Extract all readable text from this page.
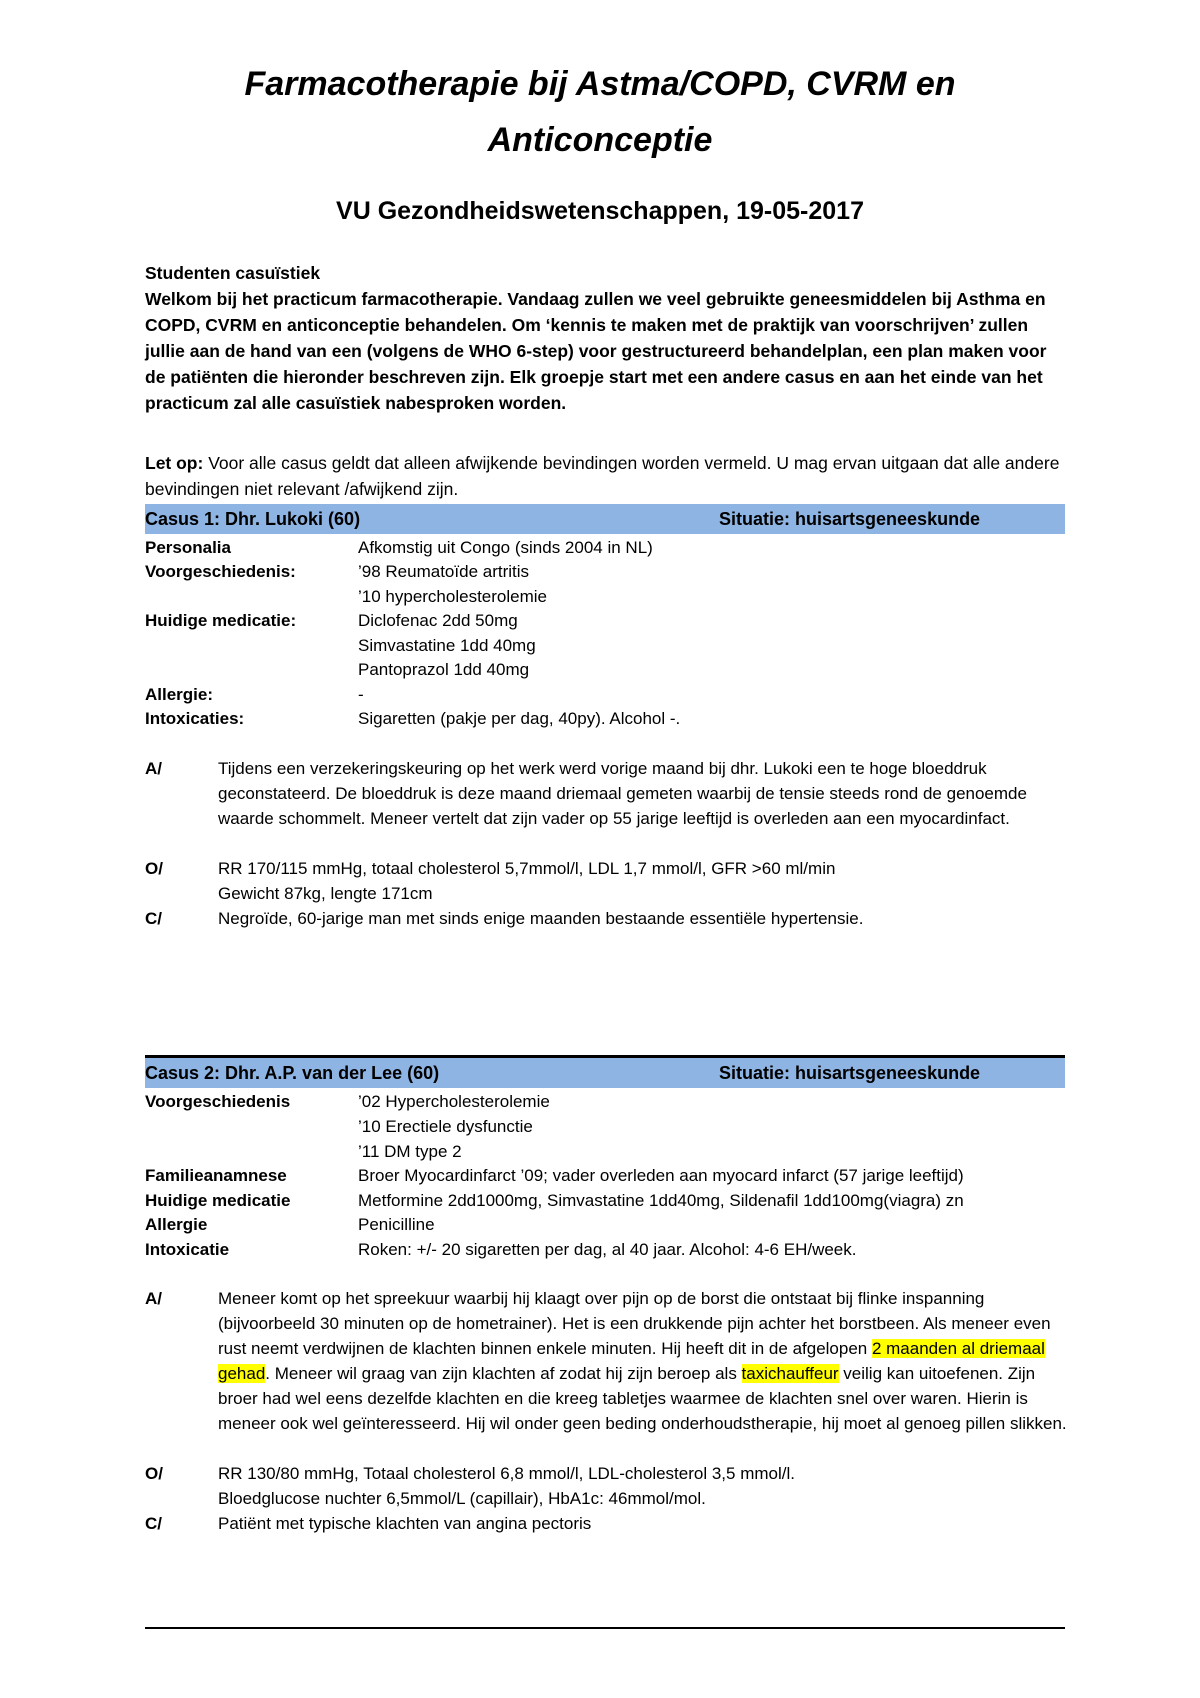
Farmacotherapie bij Astma/COPD, CVRM en
Anticonceptie
VU Gezondheidswetenschappen, 19-05-2017
Studenten casuïstiek
Welkom bij het practicum farmacotherapie. Vandaag zullen we veel gebruikte geneesmiddelen bij Asthma en COPD, CVRM en anticonceptie behandelen. Om ‘kennis te maken met de praktijk van voorschrijven’ zullen jullie aan de hand van een (volgens de WHO 6-step) voor gestructureerd behandelplan, een plan maken voor de patiënten die hieronder beschreven zijn. Elk groepje start met een andere casus en aan het einde van het practicum zal alle casuïstiek nabesproken worden.
Let op: Voor alle casus geldt dat alleen afwijkende bevindingen worden vermeld. U mag ervan uitgaan dat alle andere bevindingen niet relevant /afwijkend zijn.
Casus 1: Dhr. Lukoki (60)	Situatie: huisartsgeneeskunde
Personalia	Afkomstig uit Congo (sinds 2004 in NL)
Voorgeschiedenis:	’98 Reumatoïde artritis
’10 hypercholesterolemie
Huidige medicatie:	Diclofenac 2dd 50mg
Simvastatine 1dd 40mg
Pantoprazol 1dd 40mg
Allergie:	-
Intoxicaties:	Sigaretten (pakje per dag, 40py). Alcohol -.
A/	Tijdens een verzekeringskeuring op het werk werd vorige maand bij dhr. Lukoki een te hoge bloeddruk geconstateerd. De bloeddruk is deze maand driemaal gemeten waarbij de tensie steeds rond de genoemde waarde schommelt. Meneer vertelt dat zijn vader op 55 jarige leeftijd is overleden aan een myocardinfact.
O/	RR 170/115 mmHg, totaal cholesterol 5,7mmol/l, LDL 1,7 mmol/l, GFR >60 ml/min
Gewicht 87kg, lengte 171cm
C/	Negroïde, 60-jarige man met sinds enige maanden bestaande essentiële hypertensie.
Casus 2: Dhr. A.P. van der Lee (60)	Situatie: huisartsgeneeskunde
Voorgeschiedenis	’02 Hypercholesterolemie
’10 Erectiele dysfunctie
’11 DM type 2
Familieanamnese	Broer Myocardinfarct ’09; vader overleden aan myocard infarct (57 jarige leeftijd)
Huidige medicatie	Metformine 2dd1000mg, Simvastatine 1dd40mg, Sildenafil 1dd100mg(viagra) zn
Allergie	Penicilline
Intoxicatie	Roken: +/- 20 sigaretten per dag, al 40 jaar. Alcohol: 4-6 EH/week.
A/	Meneer komt op het spreekuur waarbij hij klaagt over pijn op de borst die ontstaat bij flinke inspanning (bijvoorbeeld 30 minuten op de hometrainer). Het is een drukkende pijn achter het borstbeen. Als meneer even rust neemt verdwijnen de klachten binnen enkele minuten. Hij heeft dit in de afgelopen 2 maanden al driemaal gehad. Meneer wil graag van zijn klachten af zodat hij zijn beroep als taxichauffeur veilig kan uitoefenen. Zijn broer had wel eens dezelfde klachten en die kreeg tabletjes waarmee de klachten snel over waren. Hierin is meneer ook wel geïnteresseerd. Hij wil onder geen beding onderhoudstherapie, hij moet al genoeg pillen slikken.
O/	RR 130/80 mmHg, Totaal cholesterol 6,8 mmol/l, LDL-cholesterol 3,5 mmol/l.
Bloedglucose nuchter 6,5mmol/L (capillair), HbA1c: 46mmol/mol.
C/	Patiënt met typische klachten van angina pectoris
